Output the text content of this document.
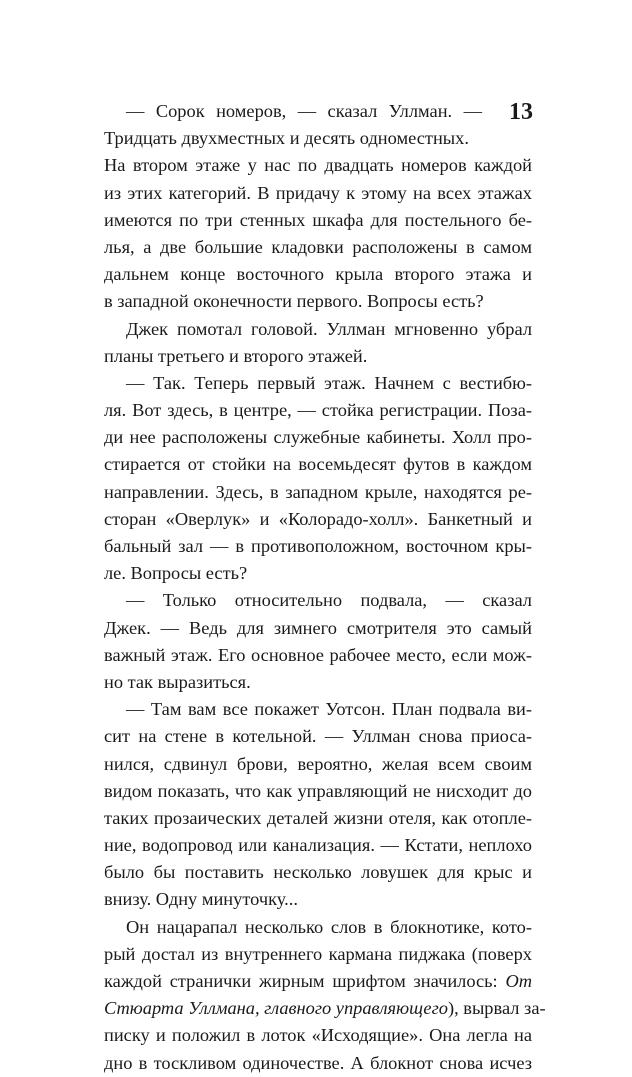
13
— Сорок номеров, — сказал Уллман. —
Тридцать двухместных и десять одноместных.
На втором этаже у нас по двадцать номеров каждой
из этих категорий. В придачу к этому на всех этажах
имеются по три стенных шкафа для постельного бе-
лья, а две большие кладовки расположены в самом
дальнем конце восточного крыла второго этажа и
в западной оконечности первого. Вопросы есть?
Джек помотал головой. Уллман мгновенно убрал
планы третьего и второго этажей.
— Так. Теперь первый этаж. Начнем с вестибю-
ля. Вот здесь, в центре, — стойка регистрации. Поза-
ди нее расположены служебные кабинеты. Холл про-
стирается от стойки на восемьдесят футов в каждом
направлении. Здесь, в западном крыле, находятся ре-
сторан «Оверлук» и «Колорадо-холл». Банкетный и
бальный зал — в противоположном, восточном кры-
ле. Вопросы есть?
— Только относительно подвала, — сказал
Джек. — Ведь для зимнего смотрителя это самый
важный этаж. Его основное рабочее место, если мож-
но так выразиться.
— Там вам все покажет Уотсон. План подвала ви-
сит на стене в котельной. — Уллман снова приоса-
нился, сдвинул брови, вероятно, желая всем своим
видом показать, что как управляющий не нисходит до
таких прозаических деталей жизни отеля, как отопле-
ние, водопровод или канализация. — Кстати, неплохо
было бы поставить несколько ловушек для крыс и
внизу. Одну минуточку...
Он нацарапал несколько слов в блокнотике, кото-
рый достал из внутреннего кармана пиджака (поверх
каждой странички жирным шрифтом значилось: От
Стюарта Уллмана, главного управляющего), вырвал за-
писку и положил в лоток «Исходящие». Она легла на
дно в тоскливом одиночестве. А блокнот снова исчез
